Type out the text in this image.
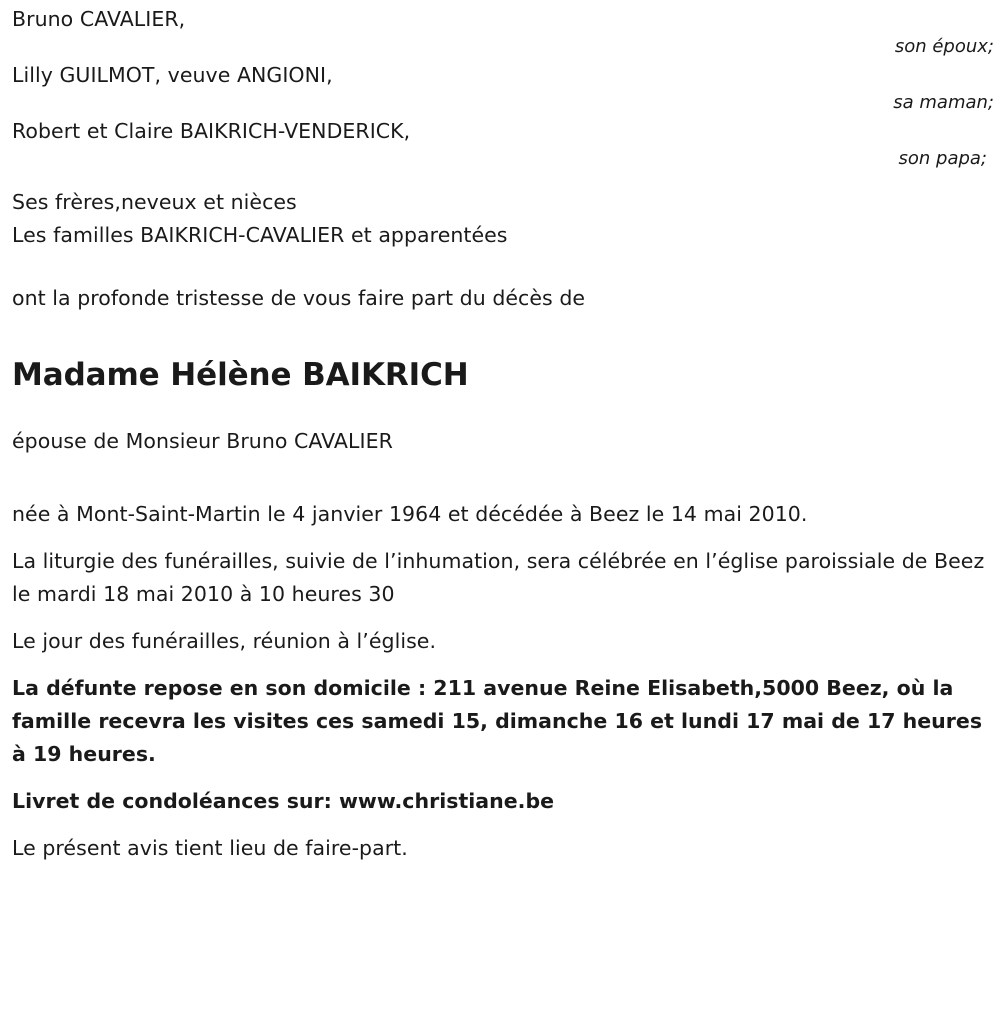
Bruno CAVALIER,
son époux;
Lilly GUILMOT, veuve ANGIONI,
sa maman;
Robert et Claire BAIKRICH-VENDERICK,
son papa;
Ses frères,neveux et nièces
Les familles BAIKRICH-CAVALIER et apparentées
ont la profonde tristesse de vous faire part du décès de
Madame Hélène BAIKRICH
épouse de Monsieur Bruno CAVALIER
née à Mont-Saint-Martin le 4 janvier 1964 et décédée à Beez le 14 mai 2010.
La liturgie des funérailles, suivie de l’inhumation, sera célébrée en l’église paroissiale de Beez le mardi 18 mai 2010 à 10 heures 30
Le jour des funérailles, réunion à l’église.
La défunte repose en son domicile : 211 avenue Reine Elisabeth,5000 Beez, où la famille recevra les visites ces samedi 15, dimanche 16 et lundi 17 mai de 17 heures à 19 heures.
Livret de condoléances sur: www.christiane.be
Le présent avis tient lieu de faire-part.
